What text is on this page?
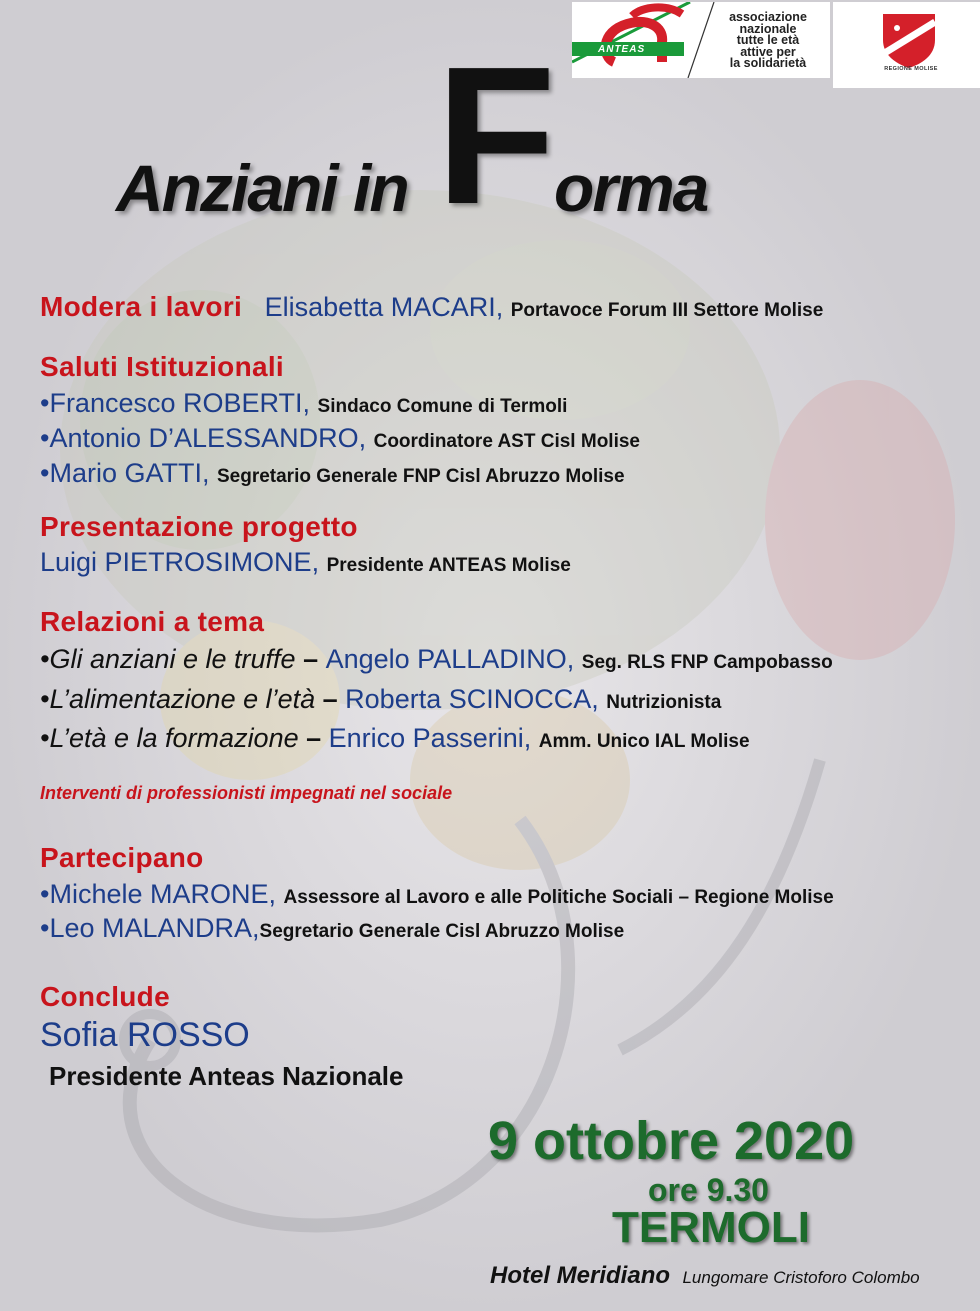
ANTEAS
associazione
nazionale
tutte le età
attive per
la solidarietà	REGIONE MOLISE
Anziani in F
orma
Modera i lavori Elisabetta MACARI, Portavoce Forum III Settore Molise
Saluti Istituzionali
•Francesco ROBERTI, Sindaco Comune di Termoli
•Antonio D’ALESSANDRO, Coordinatore AST Cisl Molise
•Mario GATTI, Segretario Generale FNP Cisl Abruzzo Molise
Presentazione progetto
Luigi PIETROSIMONE, Presidente ANTEAS Molise
Relazioni a tema
•Gli anziani e le truffe – Angelo PALLADINO, Seg. RLS FNP Campobasso
•L’alimentazione e l’età – Roberta SCINOCCA, Nutrizionista
•L’età e la formazione – Enrico Passerini, Amm. Unico IAL Molise
Interventi di professionisti impegnati nel sociale
Partecipano
•Michele MARONE, Assessore al Lavoro e alle Politiche Sociali – Regione Molise
•Leo MALANDRA,Segretario Generale Cisl Abruzzo Molise
Conclude
Sofia ROSSO
Presidente Anteas Nazionale
9 ottobre 2020
ore 9.30
TERMOLI
Hotel Meridiano Lungomare Cristoforo Colombo
